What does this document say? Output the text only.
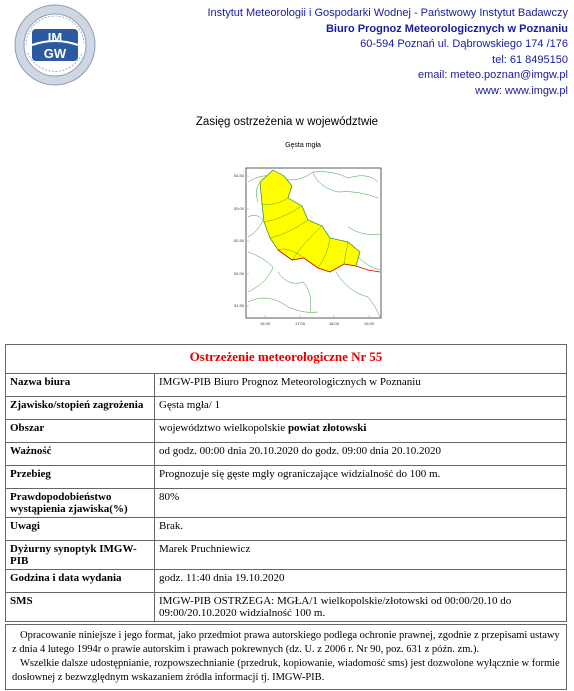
IM
GW
Instytut Meteorologii i Gospodarki Wodnej - Państwowy Instytut Badawczy
Biuro Prognoz Meteorologicznych w Poznaniu
60-594 Poznań ul. Dąbrowskiego 174 /176
tel: 61 8495150
email: meteo.poznan@imgw.pl
www: www.imgw.pl
Zasięg ostrzeżenia w województwie
Gęsta mgła
53.50
53.00
52.50
52.00
51.50
16.00	17.00	18.00	19.00
Ostrzeżenie meteorologiczne Nr 55	
Nazwa biura	IMGW-PIB Biuro Prognoz Meteorologicznych w Poznaniu
Zjawisko/stopień zagrożenia	Gęsta mgła/ 1
Obszar	województwo wielkopolskie powiat złotowski
Ważność	od godz. 00:00 dnia 20.10.2020 do godz. 09:00 dnia 20.10.2020
Przebieg	Prognozuje się gęste mgły ograniczające widzialność do 100 m.
Prawdopodobieństwo wystąpienia zjawiska(%)	80%
Uwagi	Brak.
Dyżurny synoptyk IMGW-PIB	Marek Pruchniewicz
Godzina i data wydania	godz. 11:40 dnia 19.10.2020
SMS	IMGW-PIB OSTRZEGA: MGŁA/1 wielkopolskie/złotowski od 00:00/20.10 do 09:00/20.10.2020 widzialność 100 m.

Opracowanie niniejsze i jego format, jako przedmiot prawa autorskiego podlega ochronie prawnej, zgodnie z przepisami ustawy z dnia 4 lutego 1994r o prawie autorskim i prawach pokrewnych (dz. U. z 2006 r. Nr 90, poz. 631 z późn. zm.).

Wszelkie dalsze udostępnianie, rozpowszechnianie (przedruk, kopiowanie, wiadomość sms) jest dozwolone wyłącznie w formie dosłownej z bezwzględnym wskazaniem źródła informacji tj. IMGW-PIB.
